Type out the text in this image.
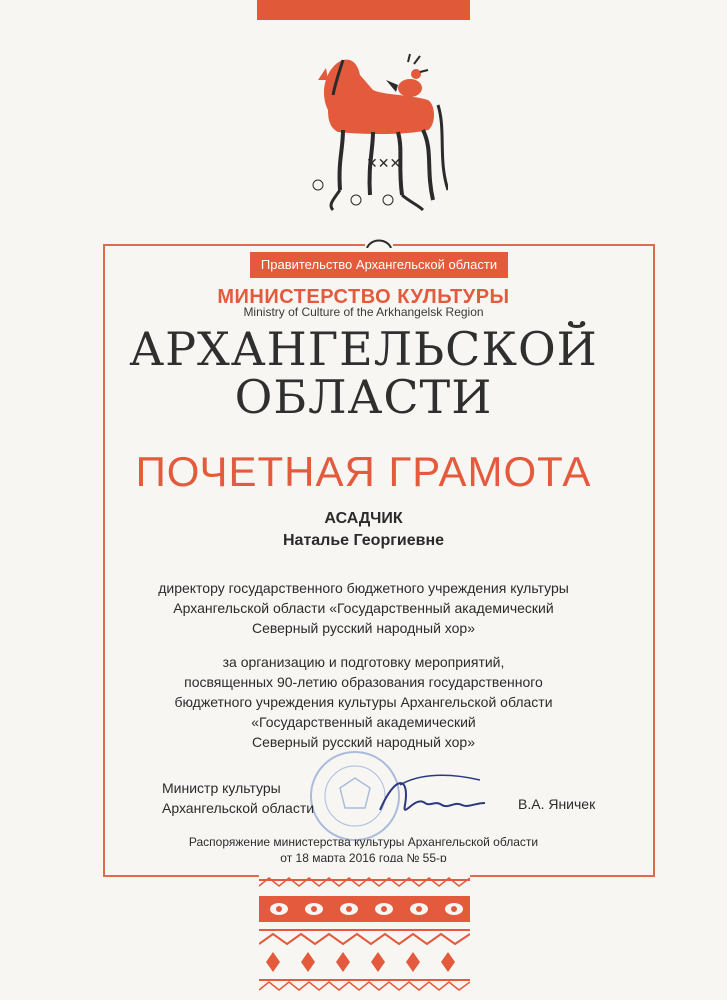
✕✕✕
Правительство Архангельской области
МИНИСТЕРСТВО КУЛЬТУРЫ
Ministry of Culture of the Arkhangelsk Region
АРХАНГЕЛЬСКОЙ
ОБЛАСТИ
ПОЧЕТНАЯ ГРАМОТА
АСАДЧИК
Наталье Георгиевне
директору государственного бюджетного учреждения культуры
Архангельской области «Государственный академический
Северный русский народный хор»
за организацию и подготовку мероприятий,
посвященных 90-летию образования государственного
бюджетного учреждения культуры Архангельской области
«Государственный академический
Северный русский народный хор»
Министр культуры
Архангельской области	В.А. Яничек
Распоряжение министерства культуры Архангельской области
от 18 марта 2016 года № 55-р
